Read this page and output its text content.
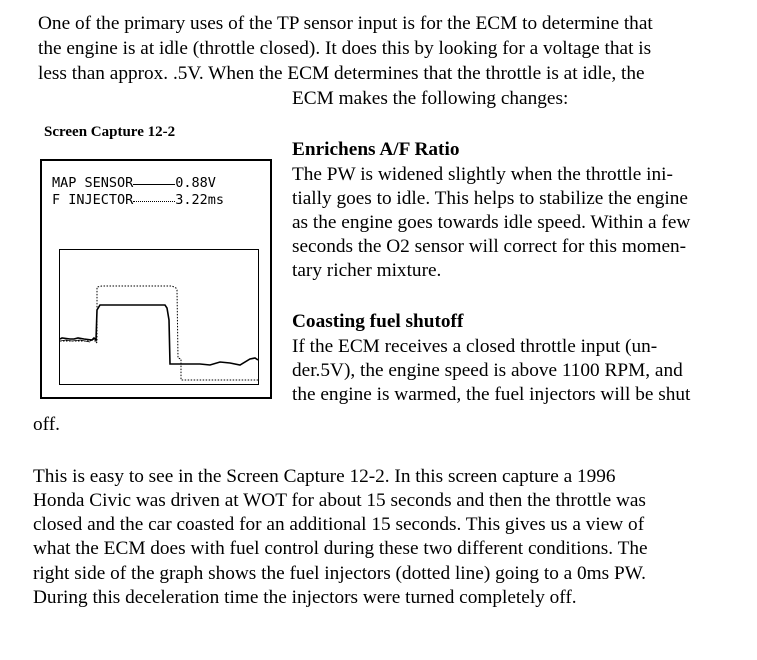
One of the primary uses of the TP sensor input is for the ECM to determine that
the engine is at idle (throttle closed). It does this by looking for a voltage that is
less than approx. .5V. When the ECM determines that the throttle is at idle, the
ECM makes the following changes:
Screen Capture 12-2
MAP SENSOR	0.88V
F INJECTOR	3.22ms
Enrichens A/F Ratio
The PW is widened slightly when the throttle ini-
tially goes to idle. This helps to stabilize the engine
as the engine goes towards idle speed. Within a few
seconds the O2 sensor will correct for this momen-
tary richer mixture.
Coasting fuel shutoff
If the ECM receives a closed throttle input (un-
der.5V), the engine speed is above 1100 RPM, and
the engine is warmed, the fuel injectors will be shut
off.
This is easy to see in the Screen Capture 12-2. In this screen capture a 1996
Honda Civic was driven at WOT for about 15 seconds and then the throttle was
closed and the car coasted for an additional 15 seconds. This gives us a view of
what the ECM does with fuel control during these two different conditions. The
right side of the graph shows the fuel injectors (dotted line) going to a 0ms PW.
During this deceleration time the injectors were turned completely off.
